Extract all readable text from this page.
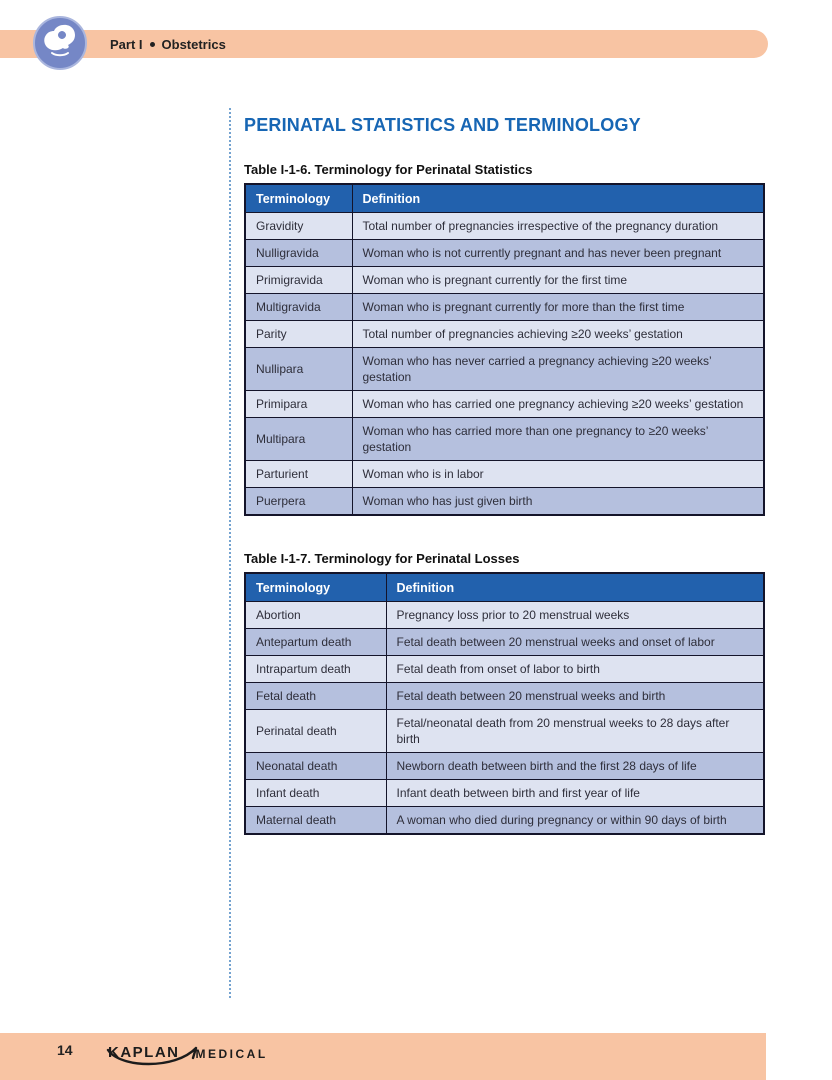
Part I Obstetrics
PERINATAL STATISTICS AND TERMINOLOGY
Table I-1-6. Terminology for Perinatal Statistics
Terminology	Definition
Gravidity	Total number of pregnancies irrespective of the pregnancy duration
Nulligravida	Woman who is not currently pregnant and has never been pregnant
Primigravida	Woman who is pregnant currently for the first time
Multigravida	Woman who is pregnant currently for more than the first time
Parity	Total number of pregnancies achieving ≥20 weeks’ gestation
Nullipara	Woman who has never carried a pregnancy achieving ≥20 weeks’ gestation
Primipara	Woman who has carried one pregnancy achieving ≥20 weeks’ gestation
Multipara	Woman who has carried more than one pregnancy to ≥20 weeks’ gestation
Parturient	Woman who is in labor
Puerpera	Woman who has just given birth
Table I-1-7. Terminology for Perinatal Losses
Terminology	Definition
Abortion	Pregnancy loss prior to 20 menstrual weeks
Antepartum death	Fetal death between 20 menstrual weeks and onset of labor
Intrapartum death	Fetal death from onset of labor to birth
Fetal death	Fetal death between 20 menstrual weeks and birth
Perinatal death	Fetal/neonatal death from 20 menstrual weeks to 28 days after birth
Neonatal death	Newborn death between birth and the first 28 days of life
Infant death	Infant death between birth and first year of life
Maternal death	A woman who died during pregnancy or within 90 days of birth
14 KAPLAN	MEDICAL
